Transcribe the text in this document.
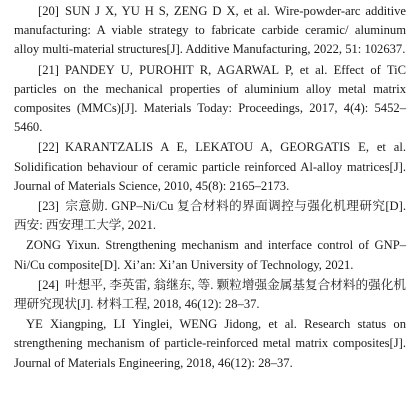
[20] SUN J X, YU H S, ZENG D X, et al. Wire-powder-arc additive manufacturing: A viable strategy to fabricate carbide ceramic/ aluminum alloy multi-material structures[J]. Additive Manufacturing, 2022, 51: 102637.

[21] PANDEY U, PUROHIT R, AGARWAL P, et al. Effect of TiC particles on the mechanical properties of aluminium alloy metal matrix composites (MMCs)[J]. Materials Today: Proceedings, 2017, 4(4): 5452–5460.

[22] KARANTZALIS A E, LEKATOU A, GEORGATIS E, et al. Solidification behaviour of ceramic particle reinforced Al-alloy matrices[J]. Journal of Materials Science, 2010, 45(8): 2165–2173.

[23] 宗意勋. GNP–Ni/Cu 复合材料的界面调控与强化机理研究[D]. 西安: 西安理工大学, 2021.

ZONG Yixun. Strengthening mechanism and interface control of GNP–Ni/Cu composite[D]. Xi’an: Xi’an University of Technology, 2021.

[24] 叶想平, 李英雷, 翁继东, 等. 颗粒增强金属基复合材料的强化机理研究现状[J]. 材料工程, 2018, 46(12): 28–37.

YE Xiangping, LI Yinglei, WENG Jidong, et al. Research status on strengthening mechanism of particle-reinforced metal matrix composites[J]. Journal of Materials Engineering, 2018, 46(12): 28–37.
